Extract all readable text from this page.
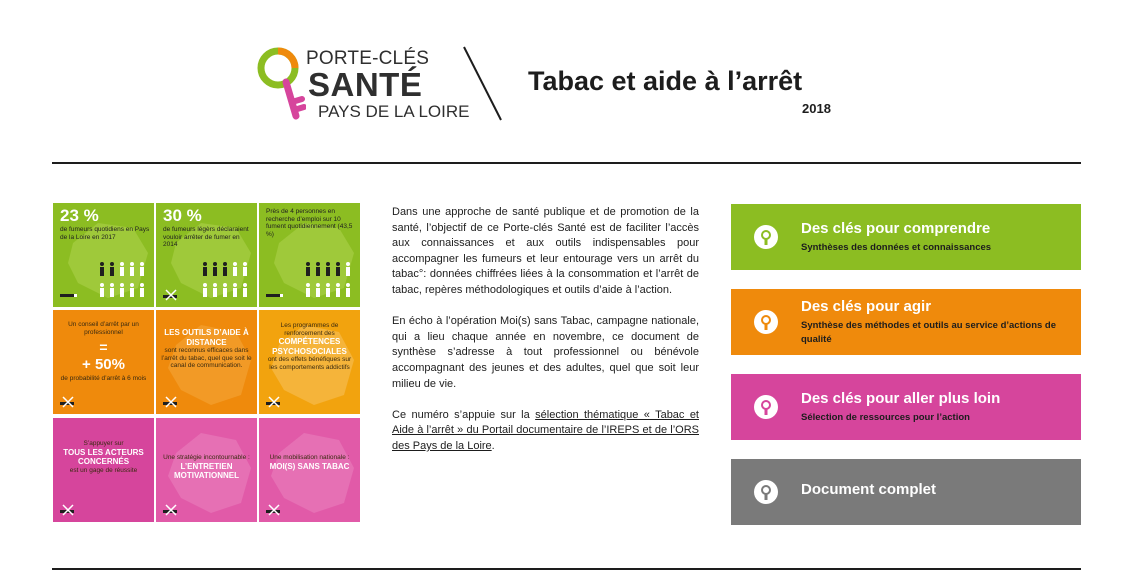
PORTE-CLÉS
SANTÉ
PAYS DE LA LOIRE
Tabac et aide à l’arrêt
2018
23 %
de fumeurs quotidiens en Pays de la Loire en 2017
30 %
de fumeurs légèrs déclaraient vouloir arrêter de fumer en 2014
Près de 4 personnes en recherche d’emploi sur 10 fument quotidiennement (43,5 %)
Un conseil d’arrêt par un professionnel
=
+ 50%
de probabilité d’arrêt à 6 mois
LES OUTILS D’AIDE À DISTANCE
sont reconnus efficaces dans l’arrêt du tabac, quel que soit le canal de communication.
Les programmes de renforcement des
COMPÉTENCES PSYCHOSOCIALES
ont des effets bénéfiques sur les comportements addictifs
S’appuyer sur
TOUS LES ACTEURS CONCERNÉS
est un gage de réussite
Une stratégie incontournable :
L’ENTRETIEN MOTIVATIONNEL
Une mobilisation nationale :
MOI(S) SANS TABAC

Dans une approche de santé publique et de promotion de la santé, l’objectif de ce Porte-clés Santé est de faciliter l’accès aux connaissances et aux outils indispensables pour accompagner les fumeurs et leur entourage vers un arrêt du tabac°: données chiffrées liées à la consommation et l’arrêt de tabac, repères méthodologiques et outils d’aide à l’action.

En écho à l’opération Moi(s) sans Tabac, campagne nationale, qui a lieu chaque année en novembre, ce document de synthèse s’adresse à tout professionnel ou bénévole accompagnant des jeunes et des adultes, quel que soit leur milieu de vie.

Ce numéro s’appuie sur la sélection thématique « Tabac et Aide à l’arrêt » du Portail documentaire de l’IREPS et de l’ORS des Pays de la Loire.

Des clés pour comprendre
Synthèses des données et connaissances
Des clés pour agir
Synthèse des méthodes et outils au service d’actions de qualité
Des clés pour aller plus loin
Sélection de ressources pour l’action
Document complet
